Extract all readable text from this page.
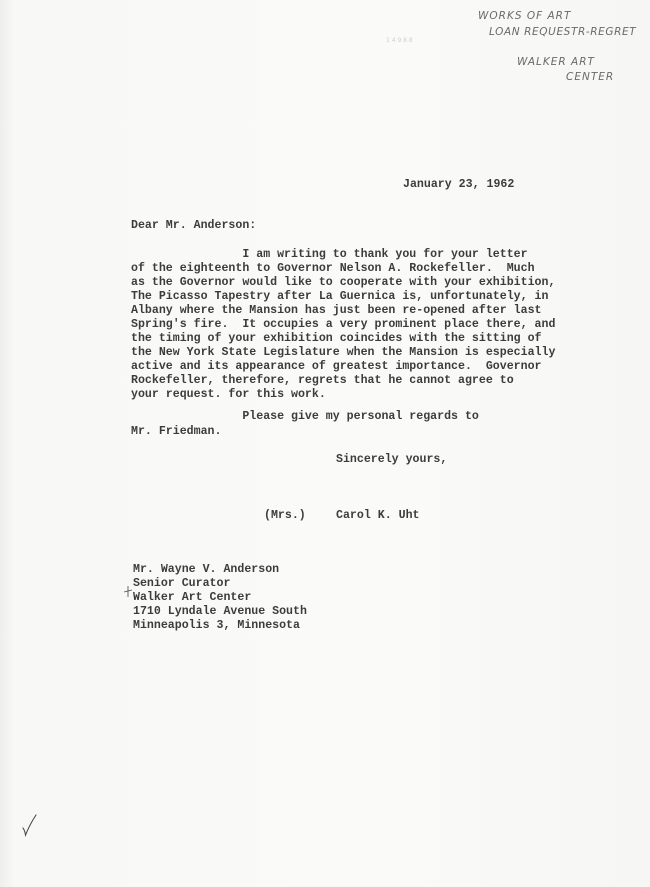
WORKS OF ART
LOAN REQUESTR-REGRET
WALKER ART
CENTER
1 4 9 8 8
January 23, 1962
Dear Mr. Anderson:
I am writing to thank you for your letter
of the eighteenth to Governor Nelson A. Rockefeller.  Much
as the Governor would like to cooperate with your exhibition,
The Picasso Tapestry after La Guernica is, unfortunately, in
Albany where the Mansion has just been re-opened after last
Spring's fire.  It occupies a very prominent place there, and
the timing of your exhibition coincides with the sitting of
the New York State Legislature when the Mansion is especially
active and its appearance of greatest importance.  Governor
Rockefeller, therefore, regrets that he cannot agree to
your request. for this work.
Please give my personal regards to
Mr. Friedman.
Sincerely yours,
(Mrs.)	Carol K. Uht
Mr. Wayne V. Anderson
Senior Curator
Walker Art Center
1710 Lyndale Avenue South
Minneapolis 3, Minnesota
